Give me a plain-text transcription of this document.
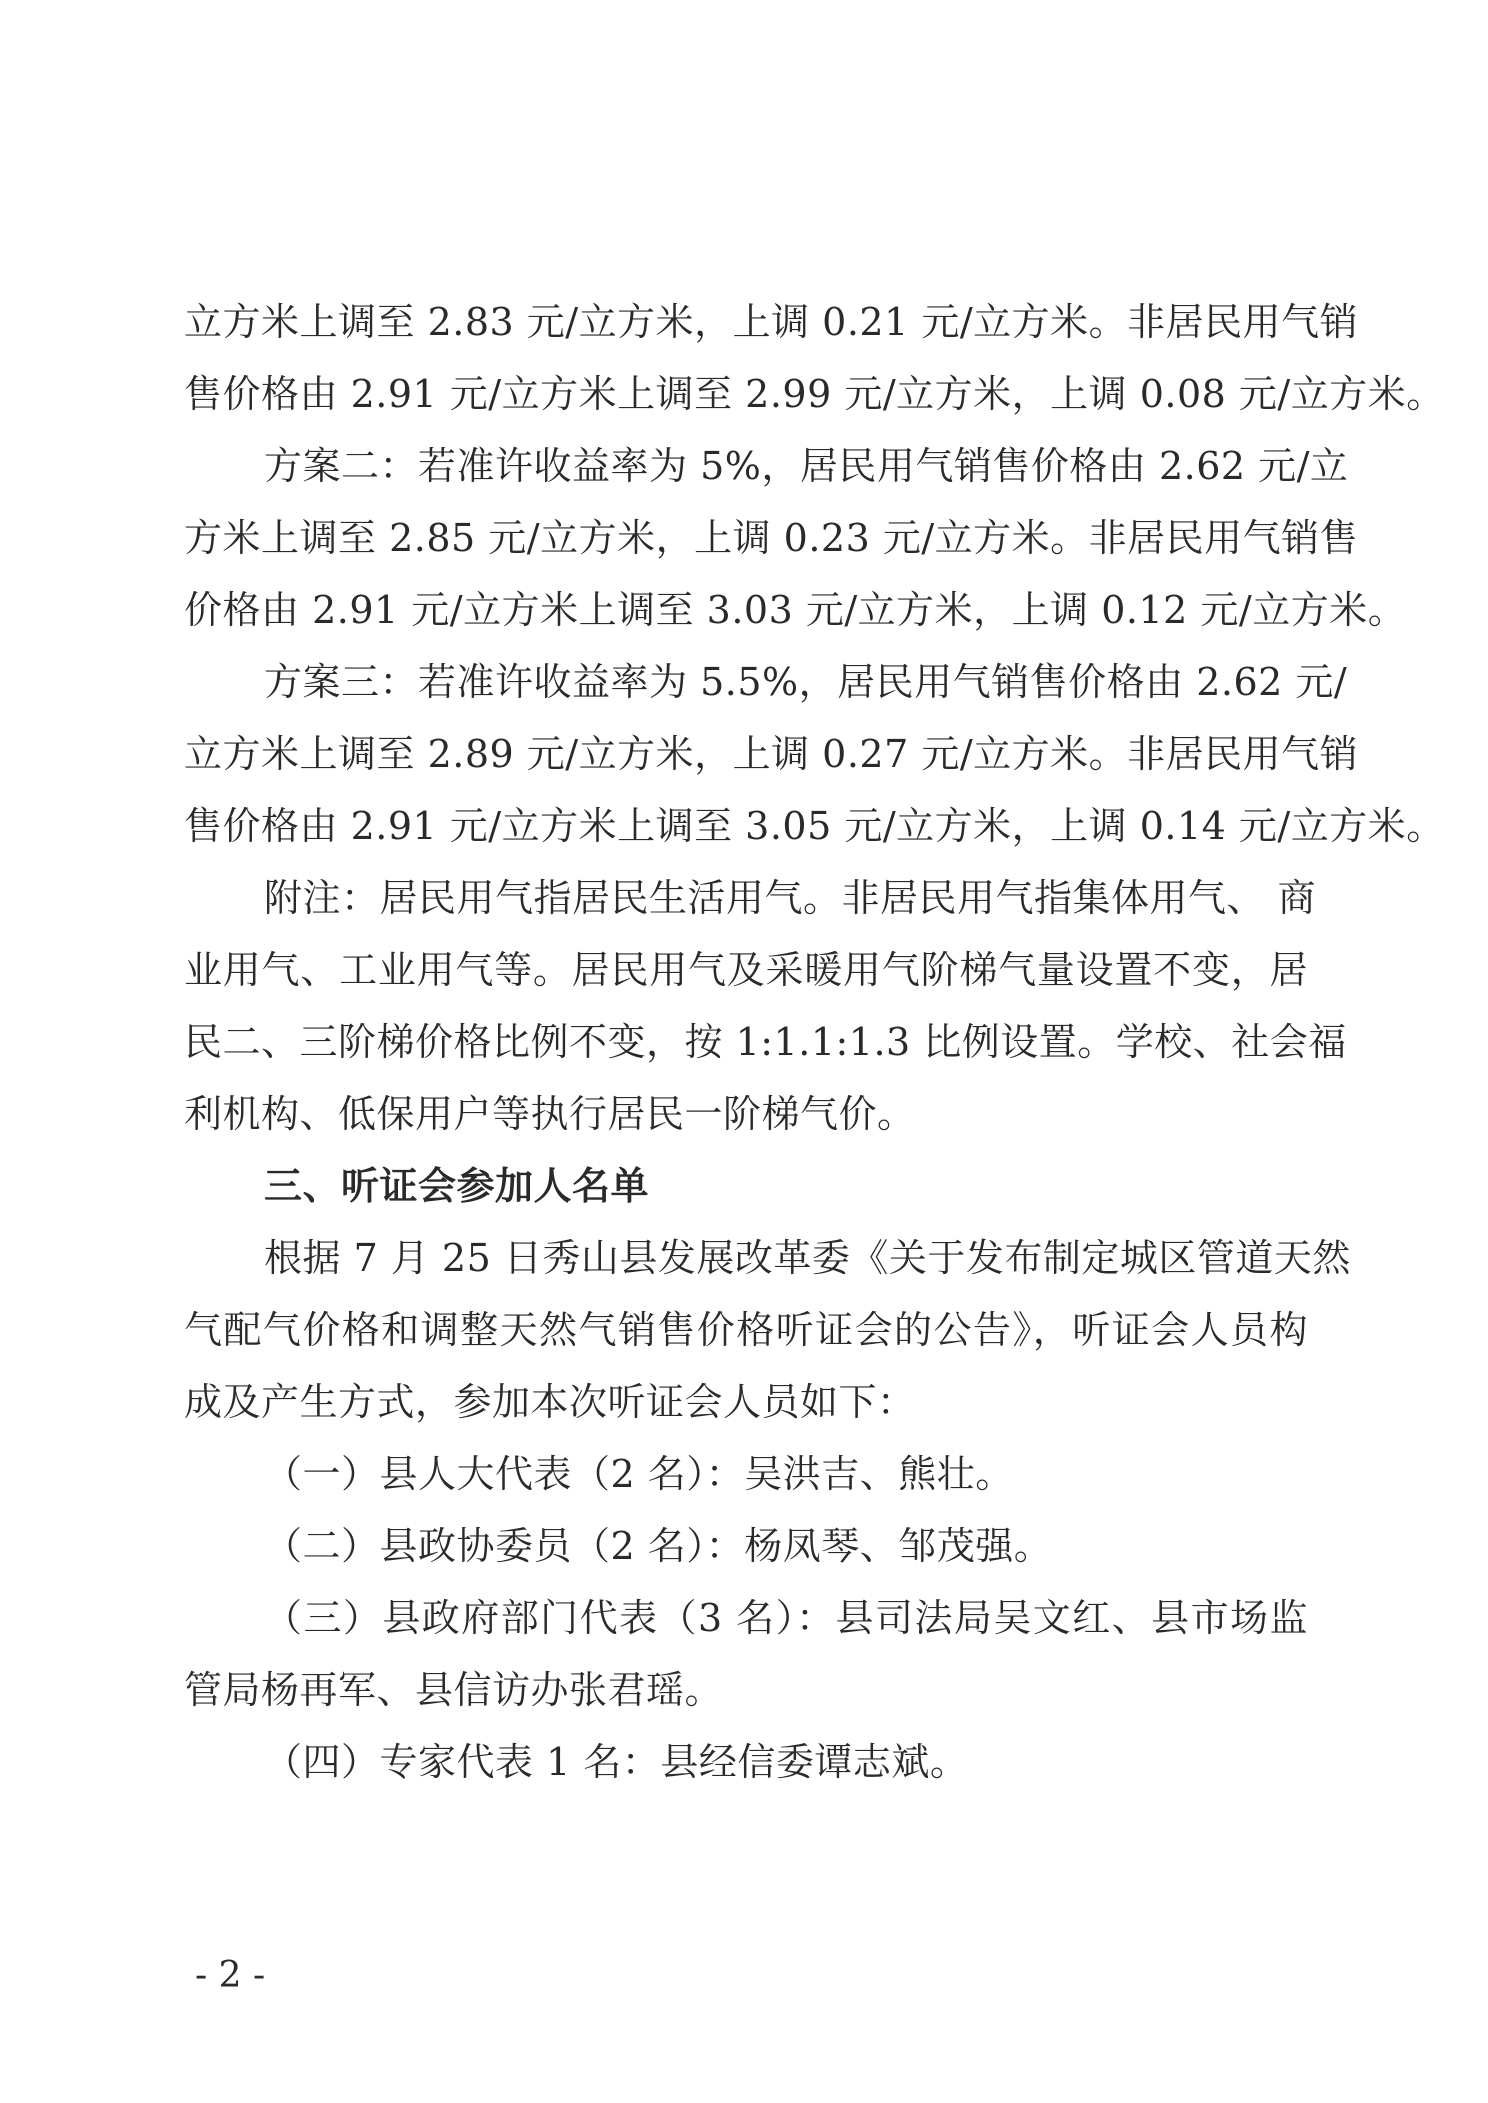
立方米上调至 2.83 元/立方米，上调 0.21 元/立方米。非居民用气销
售价格由 2.91 元/立方米上调至 2.99 元/立方米，上调 0.08 元/立方米。
方案二：若准许收益率为 5%，居民用气销售价格由 2.62 元/立
方米上调至 2.85 元/立方米，上调 0.23 元/立方米。非居民用气销售
价格由 2.91 元/立方米上调至 3.03 元/立方米，上调 0.12 元/立方米。
方案三：若准许收益率为 5.5%，居民用气销售价格由 2.62 元/
立方米上调至 2.89 元/立方米，上调 0.27 元/立方米。非居民用气销
售价格由 2.91 元/立方米上调至 3.05 元/立方米，上调 0.14 元/立方米。
附注：居民用气指居民生活用气。非居民用气指集体用气、 商
业用气、工业用气等。居民用气及采暖用气阶梯气量设置不变，居
民二、三阶梯价格比例不变，按 1:1.1:1.3 比例设置。学校、社会福
利机构、低保用户等执行居民一阶梯气价。
三、听证会参加人名单
根据 7 月 25 日秀山县发展改革委《关于发布制定城区管道天然
气配气价格和调整天然气销售价格听证会的公告》，听证会人员构
成及产生方式，参加本次听证会人员如下：
（一）县人大代表（2 名）：吴洪吉、熊壮。
（二）县政协委员（2 名）：杨凤琴、邹茂强。
（三）县政府部门代表（3 名）：县司法局吴文红、县市场监
管局杨再军、县信访办张君瑶。
（四）专家代表 1 名：县经信委谭志斌。
- 2 -
